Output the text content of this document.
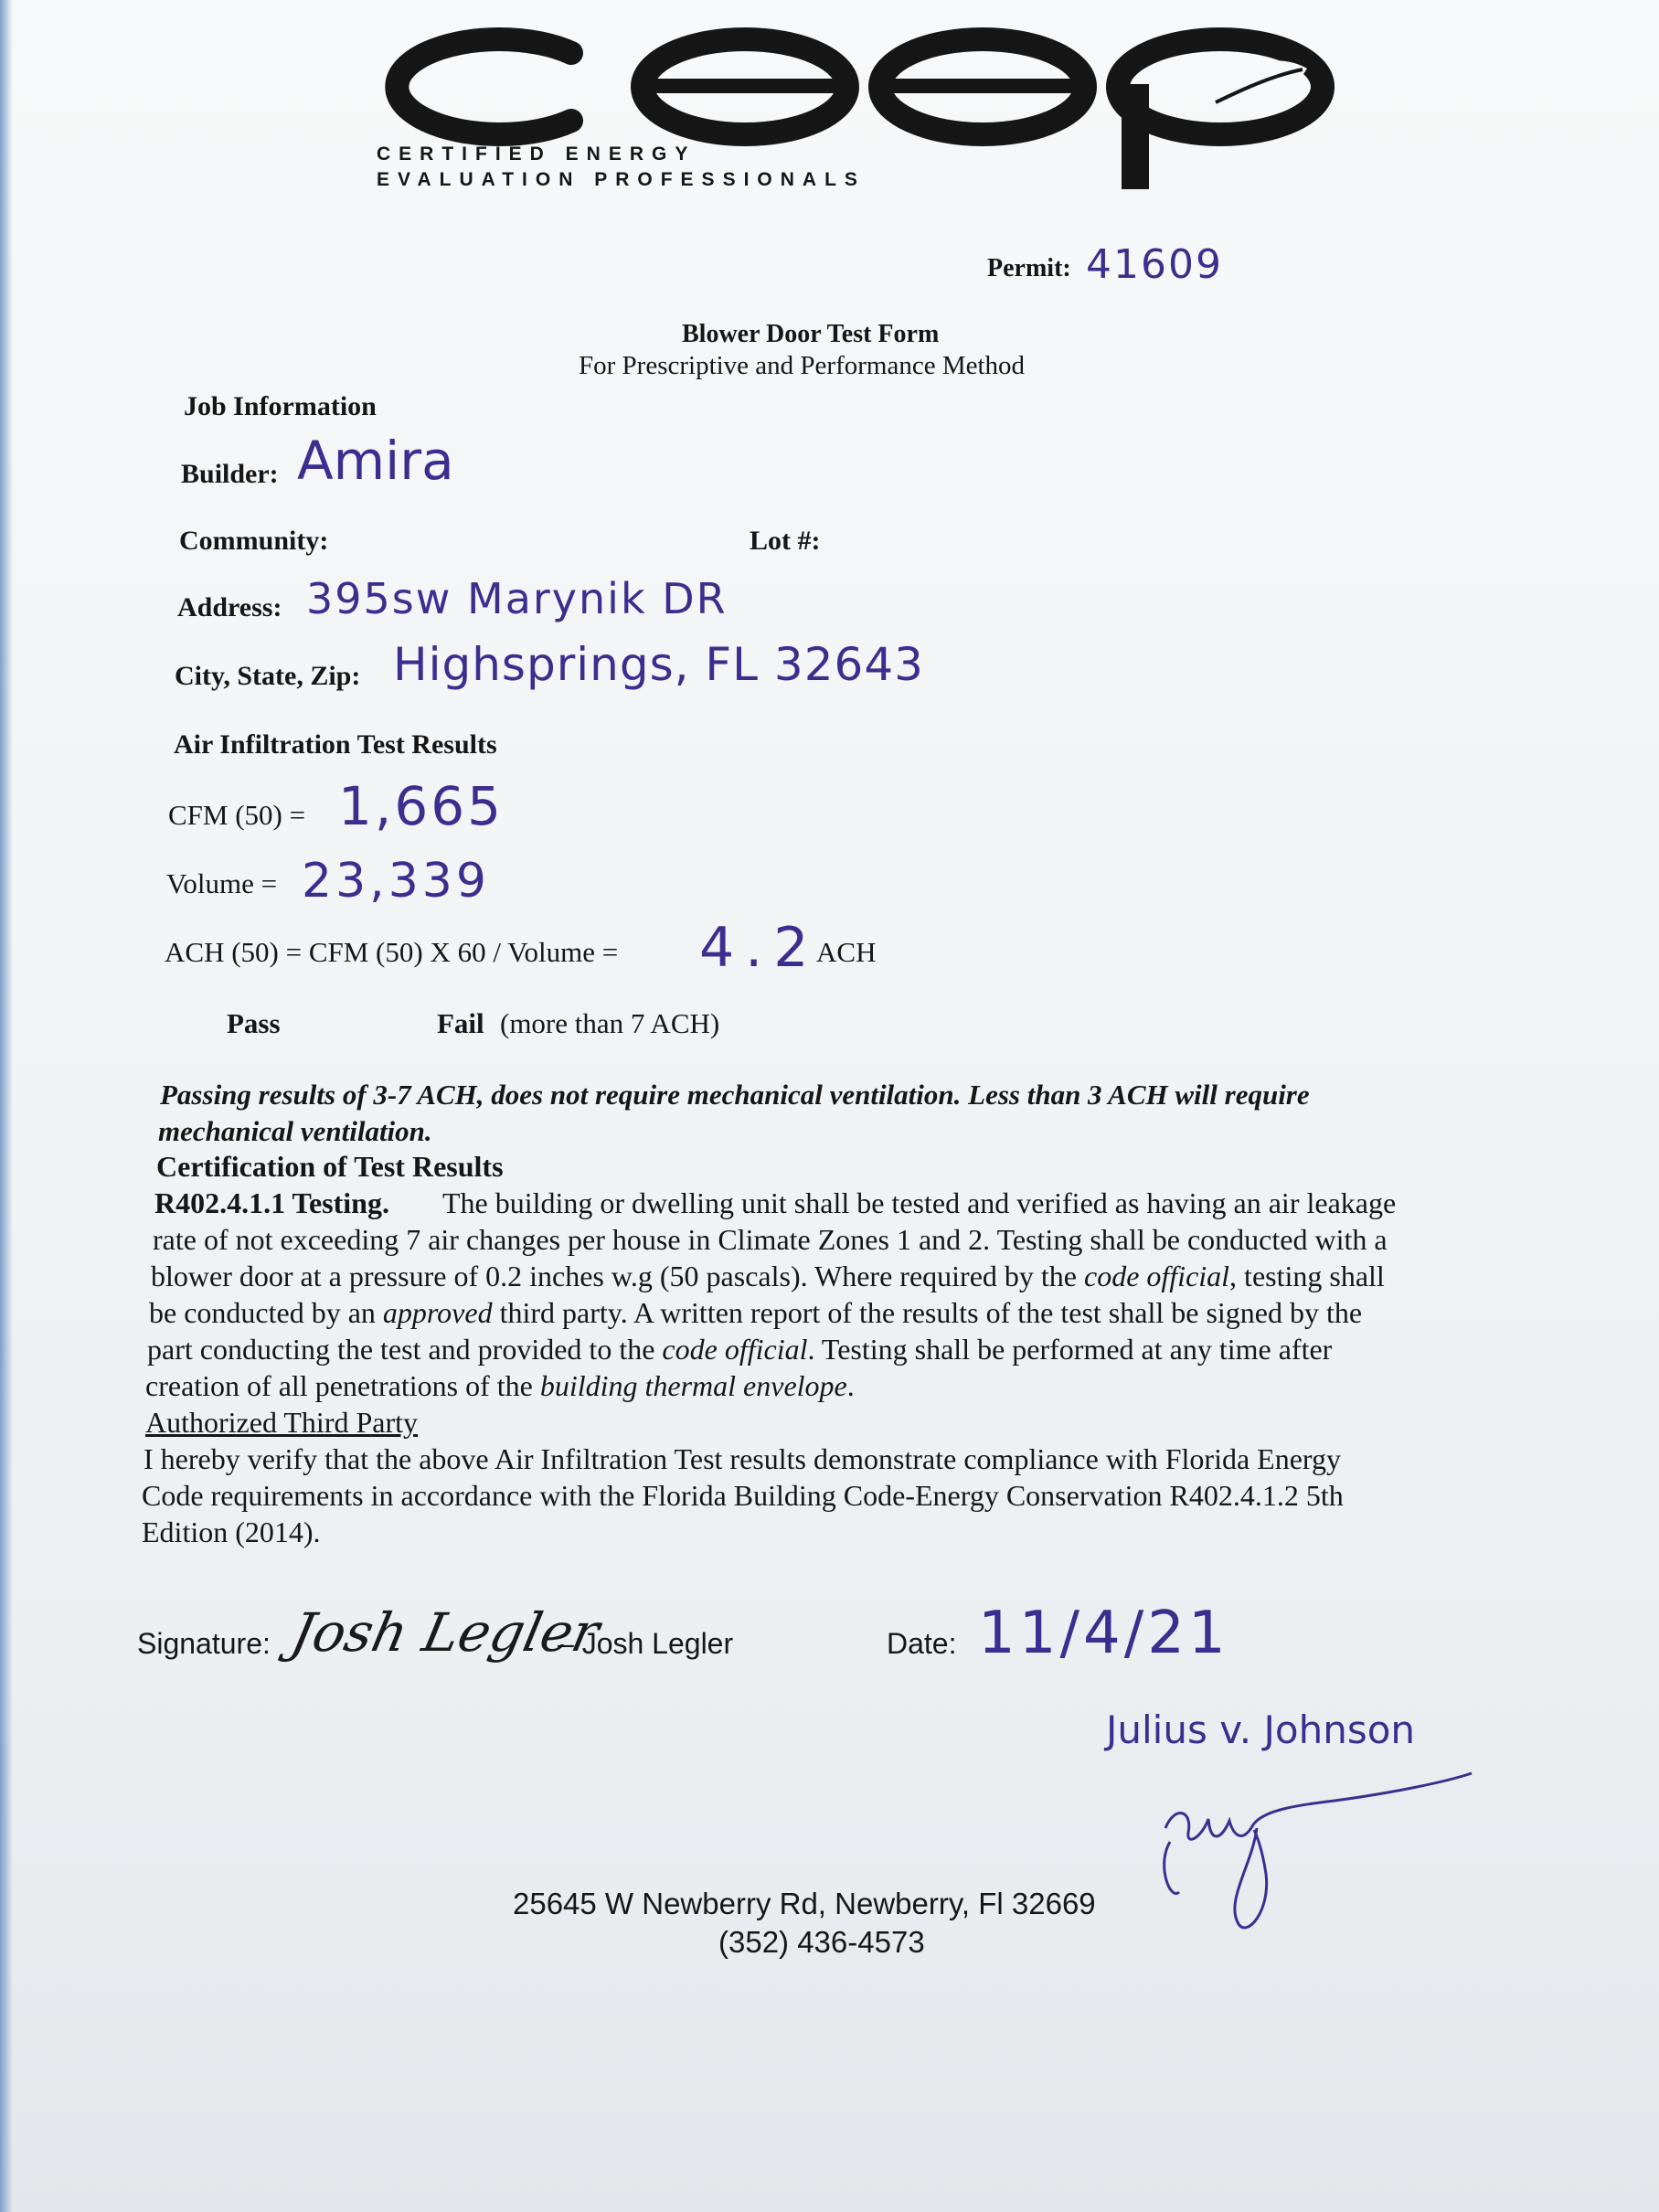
CERTIFIED ENERGY
EVALUATION PROFESSIONALS
Permit: 41609
Blower Door Test Form
For Prescriptive and Performance Method
Job Information
Builder: Amira
Community:	Lot #:
Address: 395sw Marynik DR
City, State, Zip: Highsprings, FL 32643
Air Infiltration Test Results
CFM (50) = 1,665
Volume = 23,339
ACH (50) = CFM (50) X 60 / Volume = 4.2
ACH
Pass	Fail (more than 7 ACH)
Passing results of 3-7 ACH, does not require mechanical ventilation. Less than 3 ACH will require
mechanical ventilation.
Certification of Test Results
R402.4.1.1 Testing. The building or dwelling unit shall be tested and verified as having an air leakage
rate of not exceeding 7 air changes per house in Climate Zones 1 and 2. Testing shall be conducted with a
blower door at a pressure of 0.2 inches w.g (50 pascals). Where required by the code official, testing shall
be conducted by an approved third party. A written report of the results of the test shall be signed by the
part conducting the test and provided to the code official. Testing shall be performed at any time after
creation of all penetrations of the building thermal envelope.
Authorized Third Party
I hereby verify that the above Air Infiltration Test results demonstrate compliance with Florida Energy
Code requirements in accordance with the Florida Building Code-Energy Conservation R402.4.1.2 5th
Edition (2014).
Signature: Josh Legler
– Josh Legler	Date: 11/4/21
Julius v. Johnson
25645 W Newberry Rd, Newberry, Fl 32669
(352) 436-4573
